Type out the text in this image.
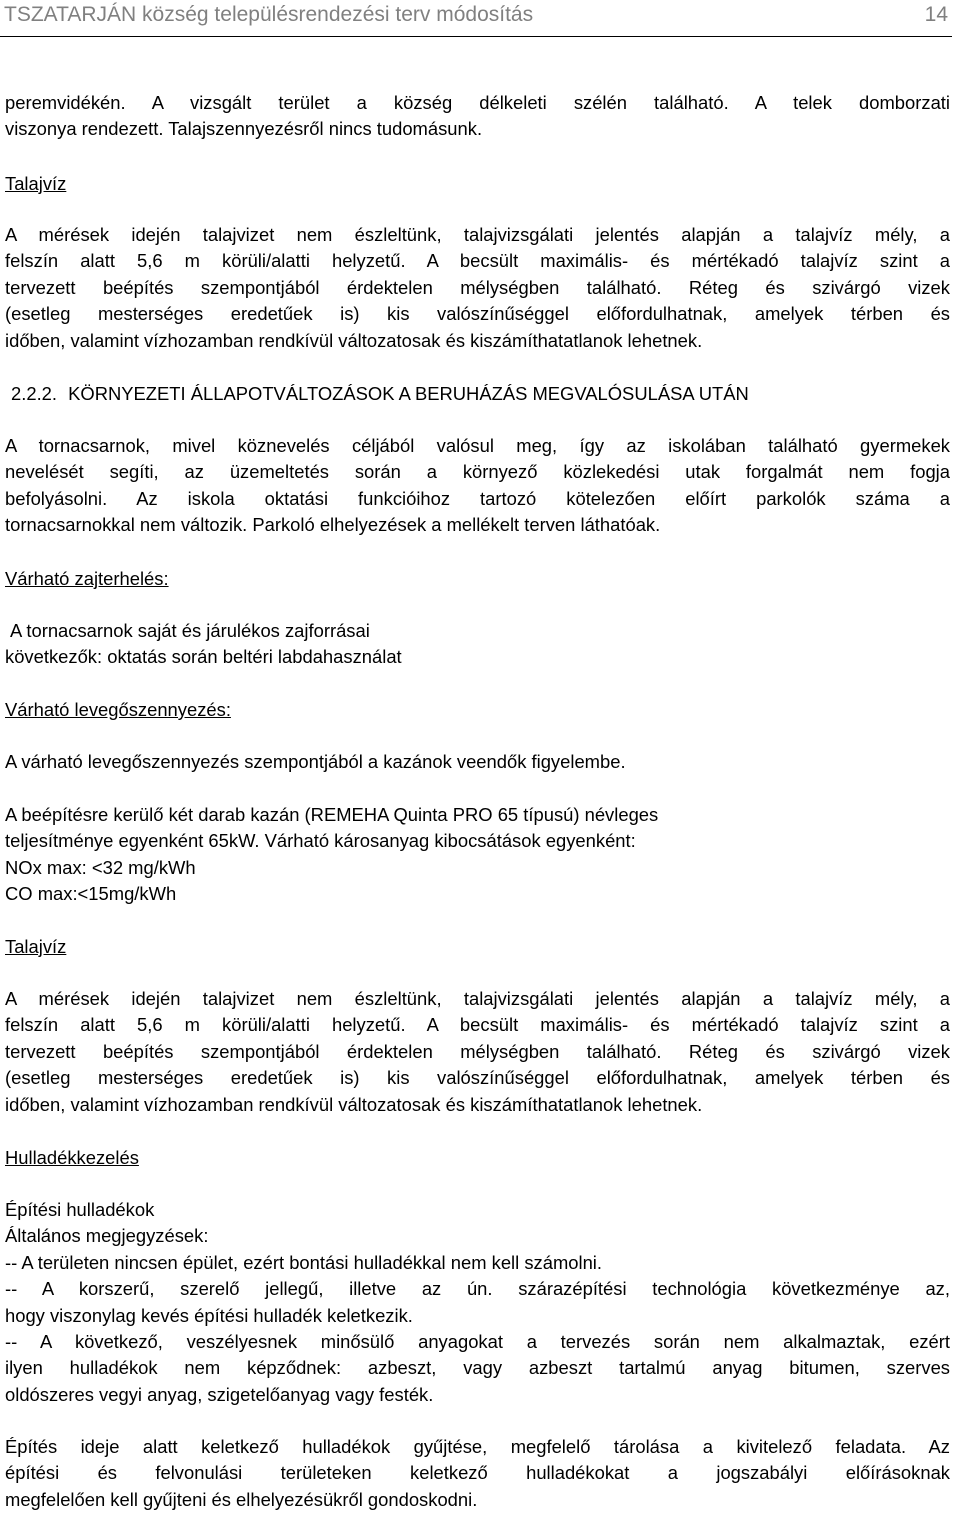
TSZATARJÁN község településrendezési terv módosítás	14
peremvidékén. A vizsgált terület a község délkeleti szélén található. A telek domborzati
viszonya rendezett. Talajszennyezésről nincs tudomásunk.
Talajvíz
A mérések idején talajvizet nem észleltünk, talajvizsgálati jelentés alapján a talajvíz mély, a
felszín alatt 5,6 m körüli/alatti helyzetű. A becsült maximális- és mértékadó talajvíz szint a
tervezett beépítés szempontjából érdektelen mélységben található. Réteg és szivárgó vizek
(esetleg mesterséges eredetűek is) kis valószínűséggel előfordulhatnak, amelyek térben és
időben, valamint vízhozamban rendkívül változatosak és kiszámíthatatlanok lehetnek.
2.2.2. KÖRNYEZETI ÁLLAPOTVÁLTOZÁSOK A BERUHÁZÁS MEGVALÓSULÁSA UTÁN
A tornacsarnok, mivel köznevelés céljából valósul meg, így az iskolában található gyermekek
nevelését segíti, az üzemeltetés során a környező közlekedési utak forgalmát nem fogja
befolyásolni. Az iskola oktatási funkcióihoz tartozó kötelezően előírt parkolók száma a
tornacsarnokkal nem változik. Parkoló elhelyezések a mellékelt terven láthatóak.
Várható zajterhelés:
A tornacsarnok saját és járulékos zajforrásai
következők: oktatás során beltéri labdahasználat
Várható levegőszennyezés:
A várható levegőszennyezés szempontjából a kazánok veendők figyelembe.
A beépítésre kerülő két darab kazán (REMEHA Quinta PRO 65 típusú) névleges
teljesítménye egyenként 65kW. Várható károsanyag kibocsátások egyenként:
NOx max: <32 mg/kWh
CO max:<15mg/kWh
Talajvíz
A mérések idején talajvizet nem észleltünk, talajvizsgálati jelentés alapján a talajvíz mély, a
felszín alatt 5,6 m körüli/alatti helyzetű. A becsült maximális- és mértékadó talajvíz szint a
tervezett beépítés szempontjából érdektelen mélységben található. Réteg és szivárgó vizek
(esetleg mesterséges eredetűek is) kis valószínűséggel előfordulhatnak, amelyek térben és
időben, valamint vízhozamban rendkívül változatosak és kiszámíthatatlanok lehetnek.
Hulladékkezelés
Építési hulladékok
Általános megjegyzések:
-- A területen nincsen épület, ezért bontási hulladékkal nem kell számolni.
-- A korszerű, szerelő jellegű, illetve az ún. szárazépítési technológia következménye az,
hogy viszonylag kevés építési hulladék keletkezik.
-- A következő, veszélyesnek minősülő anyagokat a tervezés során nem alkalmaztak, ezért
ilyen hulladékok nem képződnek: azbeszt, vagy azbeszt tartalmú anyag bitumen, szerves
oldószeres vegyi anyag, szigetelőanyag vagy festék.
Építés ideje alatt keletkező hulladékok gyűjtése, megfelelő tárolása a kivitelező feladata. Az
építési és felvonulási területeken keletkező hulladékokat a jogszabályi előírásoknak
megfelelően kell gyűjteni és elhelyezésükről gondoskodni.
